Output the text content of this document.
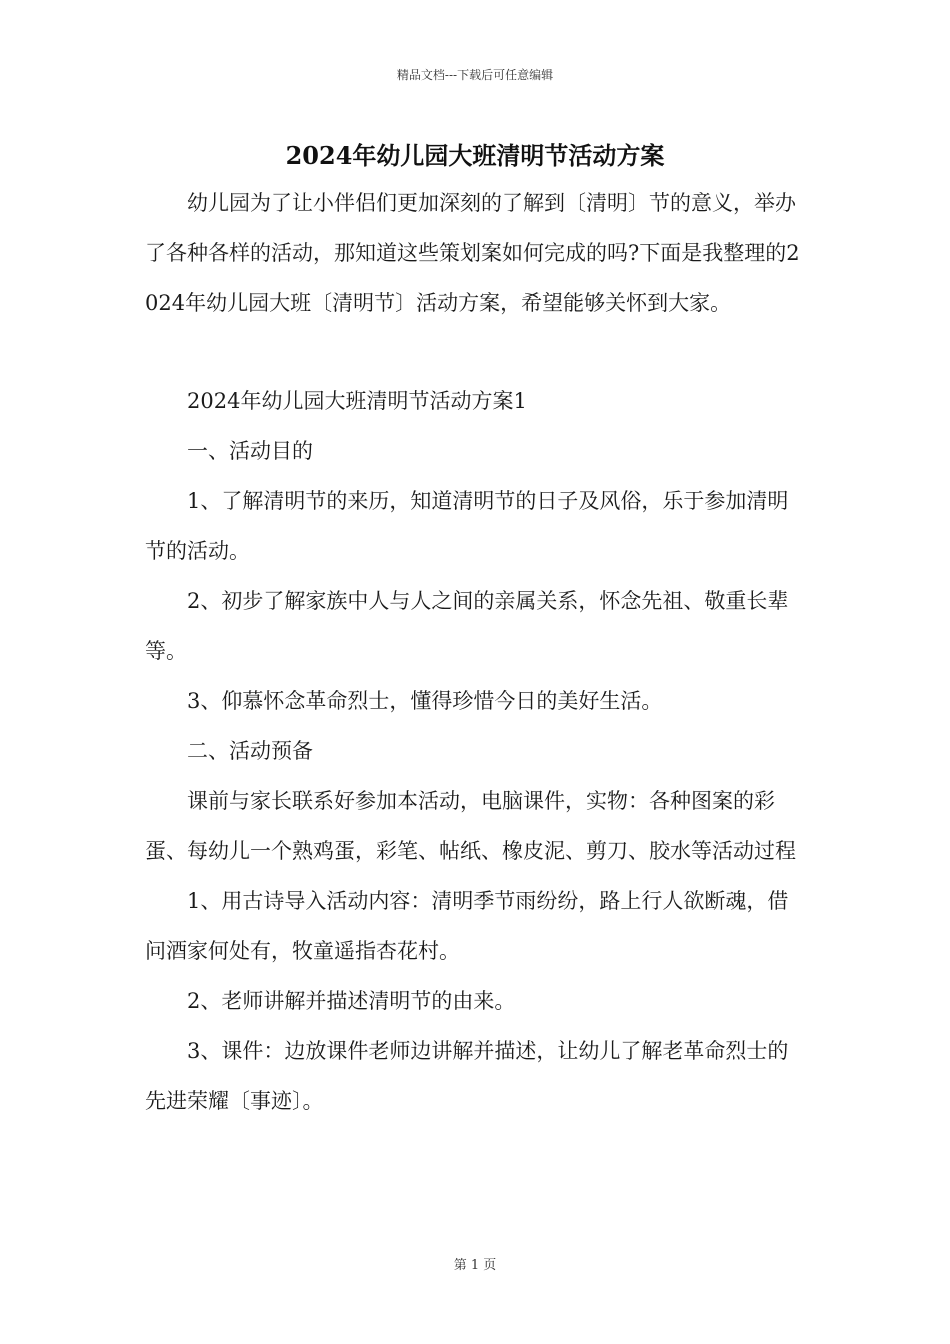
精品文档---下载后可任意编辑
2024年幼儿园大班清明节活动方案

幼儿园为了让小伴侣们更加深刻的了解到〔清明〕节的意义，举办了各种各样的活动，那知道这些策划案如何完成的吗?下面是我整理的2024年幼儿园大班〔清明节〕活动方案，希望能够关怀到大家。

2024年幼儿园大班清明节活动方案1

一、活动目的

1、了解清明节的来历，知道清明节的日子及风俗，乐于参加清明节的活动。

2、初步了解家族中人与人之间的亲属关系，怀念先祖、敬重长辈等。

3、仰慕怀念革命烈士，懂得珍惜今日的美好生活。

二、活动预备

课前与家长联系好参加本活动，电脑课件，实物：各种图案的彩蛋、每幼儿一个熟鸡蛋，彩笔、帖纸、橡皮泥、剪刀、胶水等活动过程

1、用古诗导入活动内容：清明季节雨纷纷，路上行人欲断魂，借问酒家何处有，牧童遥指杏花村。

2、老师讲解并描述清明节的由来。

3、课件：边放课件老师边讲解并描述，让幼儿了解老革命烈士的先进荣耀〔事迹〕。

第 1 页
